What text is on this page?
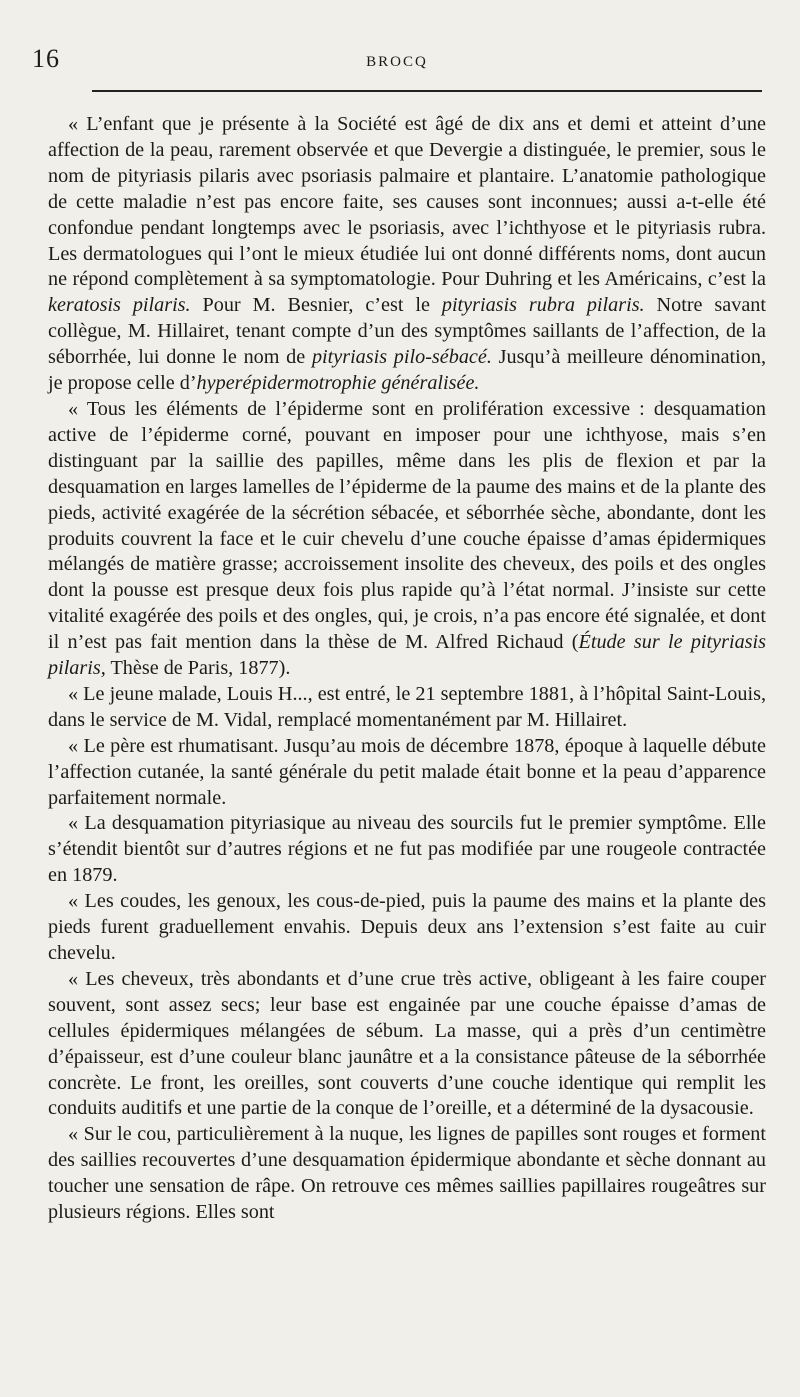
16	BROCQ

« L’enfant que je présente à la Société est âgé de dix ans et demi et atteint d’une affection de la peau, rarement observée et que Devergie a distinguée, le premier, sous le nom de pityriasis pilaris avec psoriasis palmaire et plantaire. L’anatomie pathologique de cette maladie n’est pas encore faite, ses causes sont inconnues; aussi a-t-elle été confondue pendant longtemps avec le psoriasis, avec l’ichthyose et le pityriasis rubra. Les dermatologues qui l’ont le mieux étudiée lui ont donné différents noms, dont aucun ne répond complètement à sa symptomatologie. Pour Duhring et les Américains, c’est la keratosis pilaris. Pour M. Besnier, c’est le pityriasis rubra pilaris. Notre savant collègue, M. Hillairet, tenant compte d’un des symptômes saillants de l’affection, de la séborrhée, lui donne le nom de pityriasis pilo-sébacé. Jusqu’à meilleure dénomination, je propose celle d’hyperépidermotrophie généralisée.

« Tous les éléments de l’épiderme sont en prolifération excessive : desquamation active de l’épiderme corné, pouvant en imposer pour une ichthyose, mais s’en distinguant par la saillie des papilles, même dans les plis de flexion et par la desquamation en larges lamelles de l’épiderme de la paume des mains et de la plante des pieds, activité exagérée de la sécrétion sébacée, et séborrhée sèche, abondante, dont les produits couvrent la face et le cuir chevelu d’une couche épaisse d’amas épidermiques mélangés de matière grasse; accroissement insolite des cheveux, des poils et des ongles dont la pousse est presque deux fois plus rapide qu’à l’état normal. J’insiste sur cette vitalité exagérée des poils et des ongles, qui, je crois, n’a pas encore été signalée, et dont il n’est pas fait mention dans la thèse de M. Alfred Richaud (Étude sur le pityriasis pilaris, Thèse de Paris, 1877).

« Le jeune malade, Louis H..., est entré, le 21 septembre 1881, à l’hôpital Saint-Louis, dans le service de M. Vidal, remplacé momentanément par M. Hillairet.

« Le père est rhumatisant. Jusqu’au mois de décembre 1878, époque à laquelle débute l’affection cutanée, la santé générale du petit malade était bonne et la peau d’apparence parfaitement normale.

« La desquamation pityriasique au niveau des sourcils fut le premier symptôme. Elle s’étendit bientôt sur d’autres régions et ne fut pas modifiée par une rougeole contractée en 1879.

« Les coudes, les genoux, les cous-de-pied, puis la paume des mains et la plante des pieds furent graduellement envahis. Depuis deux ans l’extension s’est faite au cuir chevelu.

« Les cheveux, très abondants et d’une crue très active, obligeant à les faire couper souvent, sont assez secs; leur base est engainée par une couche épaisse d’amas de cellules épidermiques mélangées de sébum. La masse, qui a près d’un centimètre d’épaisseur, est d’une couleur blanc jaunâtre et a la consistance pâteuse de la séborrhée concrète. Le front, les oreilles, sont couverts d’une couche identique qui remplit les conduits auditifs et une partie de la conque de l’oreille, et a déterminé de la dysacousie.

« Sur le cou, particulièrement à la nuque, les lignes de papilles sont rouges et forment des saillies recouvertes d’une desquamation épidermique abondante et sèche donnant au toucher une sensation de râpe. On retrouve ces mêmes saillies papillaires rougeâtres sur plusieurs régions. Elles sont
